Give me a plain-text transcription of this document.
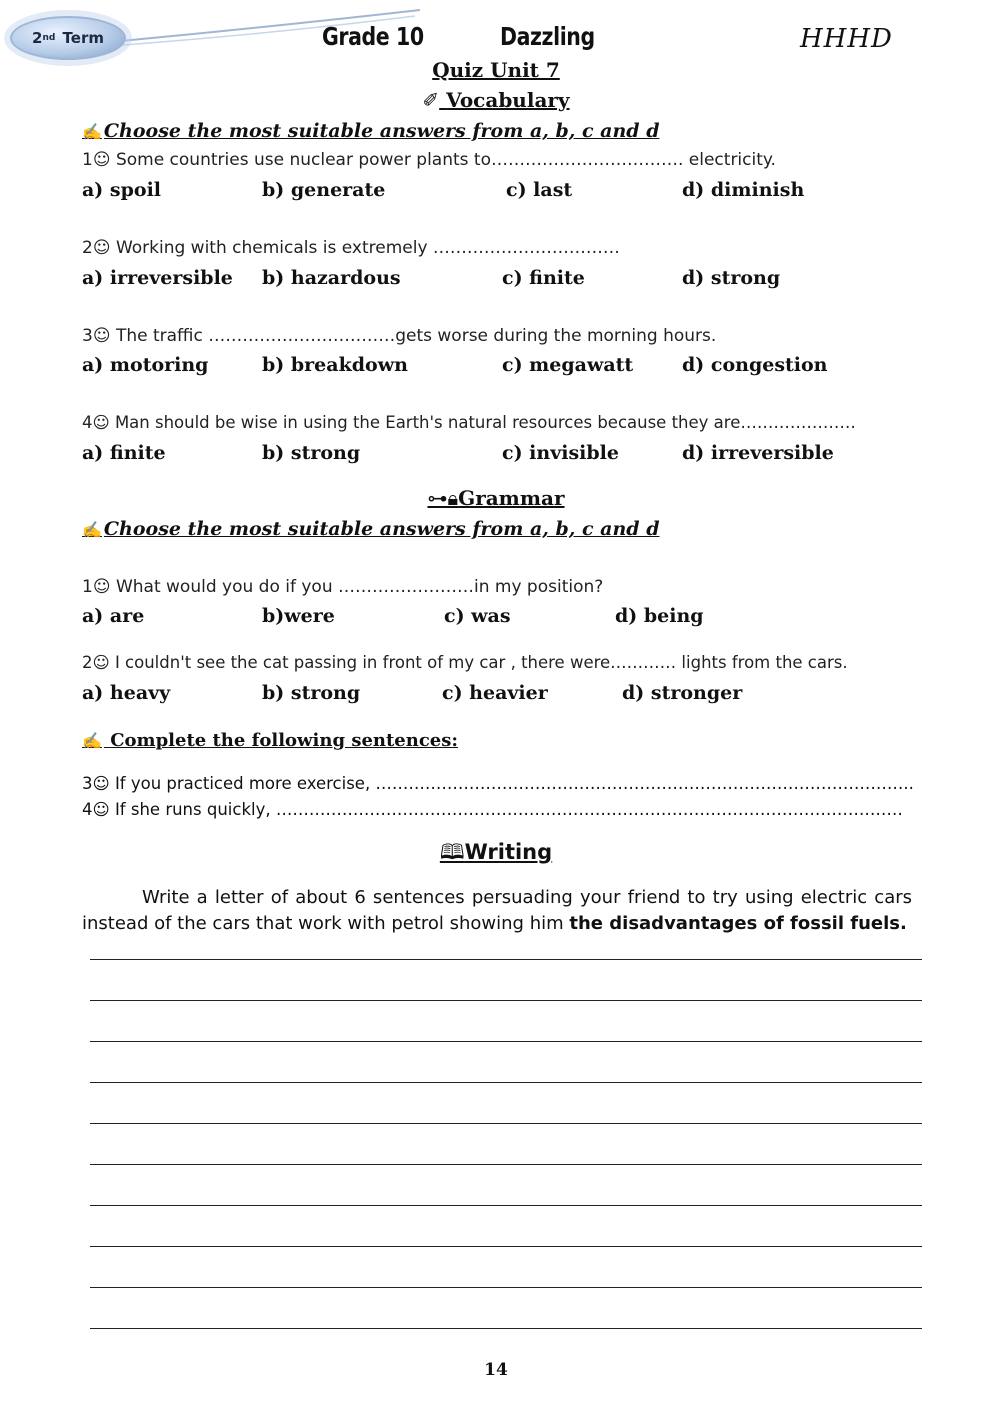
2 nd
Term	Grade 10	Dazzling	HHHD
Quiz Unit 7
✐ Vocabulary
✍ Choose the most suitable answers from a, b, c and d
1☺ Some countries use nuclear power plants to……………………………. electricity.
a) spoil	b) generate	c) last	d) diminish
2☺ Working with chemicals is extremely ……………………………
a) irreversible b) hazardous	c) finite	d) strong
3☺ The traffic ……………………………gets worse during the morning hours.
a) motoring	b) breakdown	c) megawatt	d) congestion
4☺ Man should be wise in using the Earth's natural resources because they are…………………
a) finite	b) strong	c) invisible	d) irreversible
⊶🔒︎Grammar
✍ Choose the most suitable answers from a, b, c and d
1☺ What would you do if you ……………………in my position?
a) are	b)were	c) was	d) being
2☺ I couldn't see the cat passing in front of my car , there were………… lights from the cars.
a) heavy	b) strong	c) heavier	d) stronger
✍ Complete the following sentences:
3☺ If you practiced more exercise, ……………………………………………………………………………………..
4☺ If she runs quickly, ……………………………………………………………………………………………………
🕮Writing
Write a letter of about 6 sentences persuading your friend to try using electric cars instead of the cars that work with petrol showing him the disadvantages of fossil fuels.
14
